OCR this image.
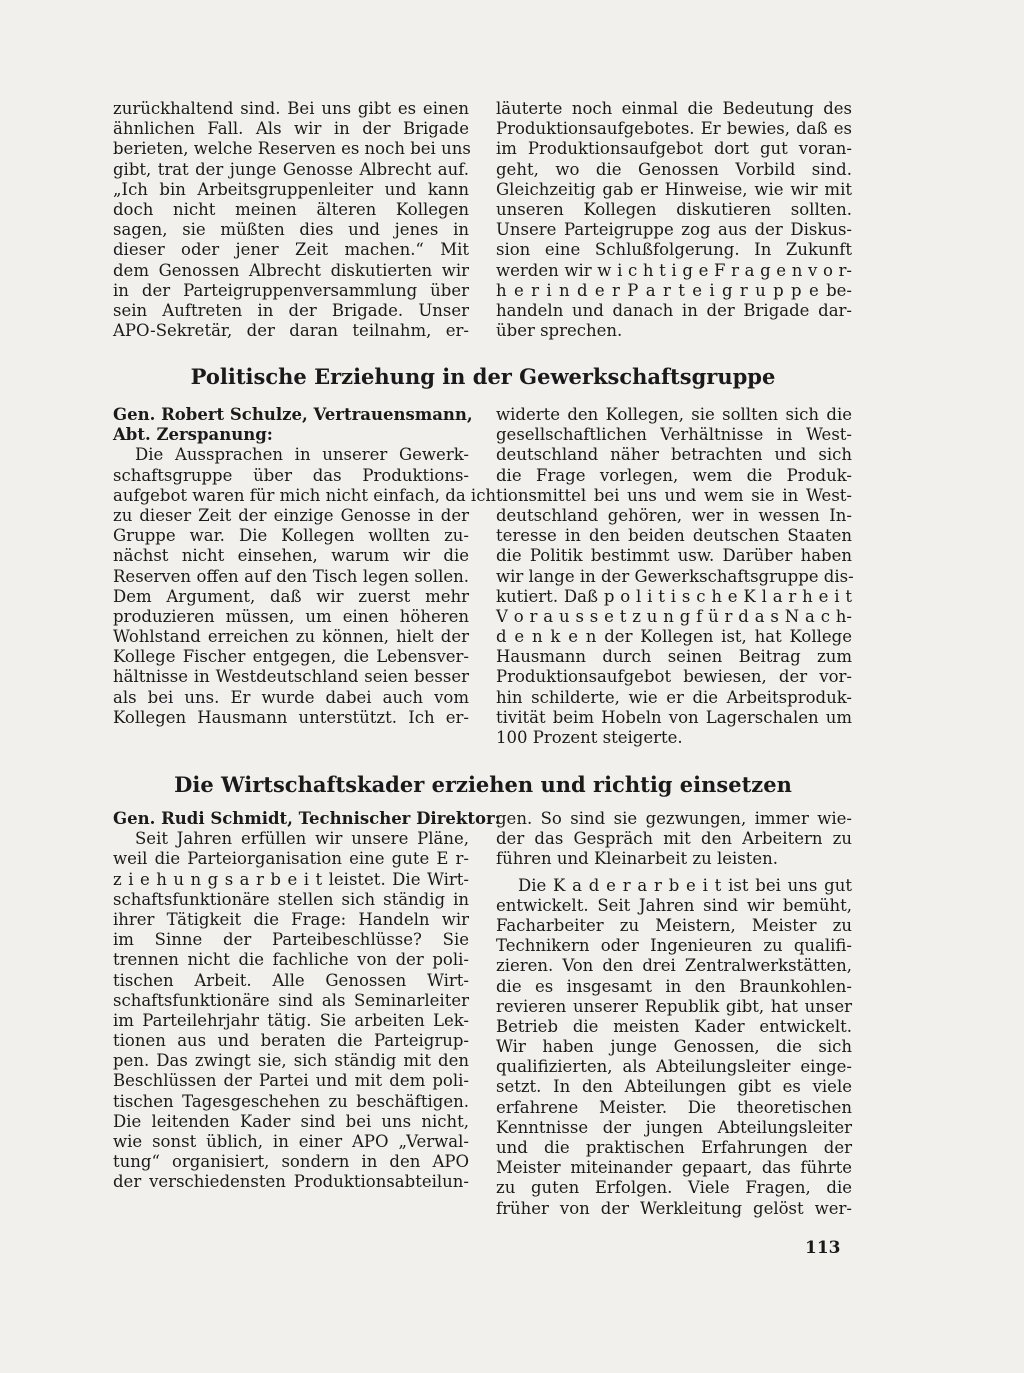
zurückhaltend sind. Bei uns gibt es einen
ähnlichen Fall. Als wir in der Brigade
berieten, welche Reserven es noch bei uns
gibt, trat der junge Genosse Albrecht auf.
„Ich bin Arbeitsgruppenleiter und kann
doch nicht meinen älteren Kollegen
sagen, sie müßten dies und jenes in
dieser oder jener Zeit machen.“ Mit
dem Genossen Albrecht diskutierten wir
in der Parteigruppenversammlung über
sein Auftreten in der Brigade. Unser
APO-Sekretär, der daran teilnahm, er-
läuterte noch einmal die Bedeutung des
Produktionsaufgebotes. Er bewies, daß es
im Produktionsaufgebot dort gut voran-
geht, wo die Genossen Vorbild sind.
Gleichzeitig gab er Hinweise, wie wir mit
unseren Kollegen diskutieren sollten.
Unsere Parteigruppe zog aus der Diskus-
sion eine Schlußfolgerung. In Zukunft
werden wir w i c h t i g e F r a g e n v o r-
h e r i n d e r P a r t e i g r u p p e be-
handeln und danach in der Brigade dar-
über sprechen.
Politische Erziehung in der Gewerkschaftsgruppe
Gen. Robert Schulze, Vertrauensmann,
Abt. Zerspanung:
Die Aussprachen in unserer Gewerk-
schaftsgruppe über das Produktions-
aufgebot waren für mich nicht einfach, da ich
zu dieser Zeit der einzige Genosse in der
Gruppe war. Die Kollegen wollten zu-
nächst nicht einsehen, warum wir die
Reserven offen auf den Tisch legen sollen.
Dem Argument, daß wir zuerst mehr
produzieren müssen, um einen höheren
Wohlstand erreichen zu können, hielt der
Kollege Fischer entgegen, die Lebensver-
hältnisse in Westdeutschland seien besser
als bei uns. Er wurde dabei auch vom
Kollegen Hausmann unterstützt. Ich er-
widerte den Kollegen, sie sollten sich die
gesellschaftlichen Verhältnisse in West-
deutschland näher betrachten und sich
die Frage vorlegen, wem die Produk-
tionsmittel bei uns und wem sie in West-
deutschland gehören, wer in wessen In-
teresse in den beiden deutschen Staaten
die Politik bestimmt usw. Darüber haben
wir lange in der Gewerkschaftsgruppe dis-
kutiert. Daß p o l i t i s c h e K l a r h e i t
V o r a u s s e t z u n g f ü r d a s N a c h-
d e n k e n der Kollegen ist, hat Kollege
Hausmann durch seinen Beitrag zum
Produktionsaufgebot bewiesen, der vor-
hin schilderte, wie er die Arbeitsproduk-
tivität beim Hobeln von Lagerschalen um
100 Prozent steigerte.
Die Wirtschaftskader erziehen und richtig einsetzen
Gen. Rudi Schmidt, Technischer Direktor:
Seit Jahren erfüllen wir unsere Pläne,
weil die Parteiorganisation eine gute E r-
z i e h u n g s a r b e i t leistet. Die Wirt-
schaftsfunktionäre stellen sich ständig in
ihrer Tätigkeit die Frage: Handeln wir
im Sinne der Parteibeschlüsse? Sie
trennen nicht die fachliche von der poli-
tischen Arbeit. Alle Genossen Wirt-
schaftsfunktionäre sind als Seminarleiter
im Parteilehrjahr tätig. Sie arbeiten Lek-
tionen aus und beraten die Parteigrup-
pen. Das zwingt sie, sich ständig mit den
Beschlüssen der Partei und mit dem poli-
tischen Tagesgeschehen zu beschäftigen.
Die leitenden Kader sind bei uns nicht,
wie sonst üblich, in einer APO „Verwal-
tung“ organisiert, sondern in den APO
der verschiedensten Produktionsabteilun-
gen. So sind sie gezwungen, immer wie-
der das Gespräch mit den Arbeitern zu
führen und Kleinarbeit zu leisten.
Die K a d e r a r b e i t ist bei uns gut
entwickelt. Seit Jahren sind wir bemüht,
Facharbeiter zu Meistern, Meister zu
Technikern oder Ingenieuren zu qualifi-
zieren. Von den drei Zentralwerkstätten,
die es insgesamt in den Braunkohlen-
revieren unserer Republik gibt, hat unser
Betrieb die meisten Kader entwickelt.
Wir haben junge Genossen, die sich
qualifizierten, als Abteilungsleiter einge-
setzt. In den Abteilungen gibt es viele
erfahrene Meister. Die theoretischen
Kenntnisse der jungen Abteilungsleiter
und die praktischen Erfahrungen der
Meister miteinander gepaart, das führte
zu guten Erfolgen. Viele Fragen, die
früher von der Werkleitung gelöst wer-
113
